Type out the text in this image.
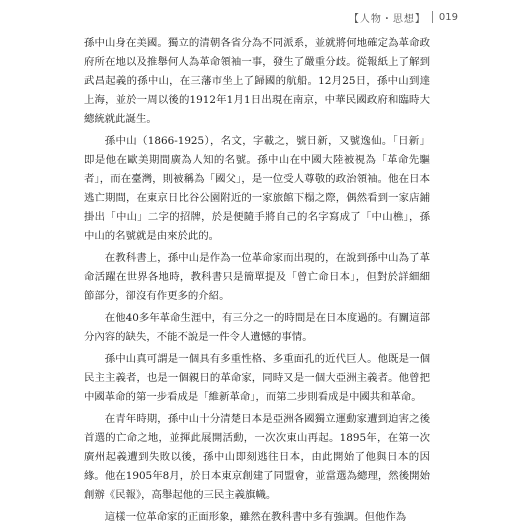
【人物・思想】	019

孫中山身在美國。獨立的清朝各省分為不同派系，並就將何地確定為革命政府所在地以及推舉何人為革命領袖一事，發生了嚴重分歧。從報紙上了解到武昌起義的孫中山，在三藩市坐上了歸國的航船。12月25日，孫中山到達上海，並於一周以後的1912年1月1日出現在南京，中華民國政府和臨時大總統就此誕生。

孫中山（1866-1925），名文，字載之，號日新，又號逸仙。「日新」即是他在歐美期間廣為人知的名號。孫中山在中國大陸被視為「革命先驅者」，而在臺灣，則被稱為「國父」，是一位受人尊敬的政治領袖。他在日本逃亡期間，在東京日比谷公園附近的一家旅館下榻之際，偶然看到一家店鋪掛出「中山」二字的招牌，於是便隨手將自己的名字寫成了「中山樵」，孫中山的名號就是由來於此的。

在教科書上，孫中山是作為一位革命家而出現的，在說到孫中山為了革命活躍在世界各地時，教科書只是簡單提及「曾亡命日本」，但對於詳細細節部分，卻沒有作更多的介紹。

在他40多年革命生涯中，有三分之一的時間是在日本度過的。有關這部分內容的缺失，不能不說是一件令人遺憾的事情。

孫中山真可謂是一個具有多重性格、多重面孔的近代巨人。他既是一個民主主義者，也是一個親日的革命家，同時又是一個大亞洲主義者。他曾把中國革命的第一步看成是「維新革命」，而第二步則看成是中國共和革命。

在青年時期，孫中山十分清楚日本是亞洲各國獨立運動家遭到迫害之後首選的亡命之地，並揮此展開活動，一次次東山再起。1895年，在第一次廣州起義遭到失敗以後，孫中山即刻逃往日本，由此開始了他與日本的因緣。他在1905年8月，於日本東京創建了同盟會，並當選為總理，然後開始創辦《民報》，高舉起他的三民主義旗幟。

這樣一位革命家的正面形象，雖然在教科書中多有強調。但他作為
